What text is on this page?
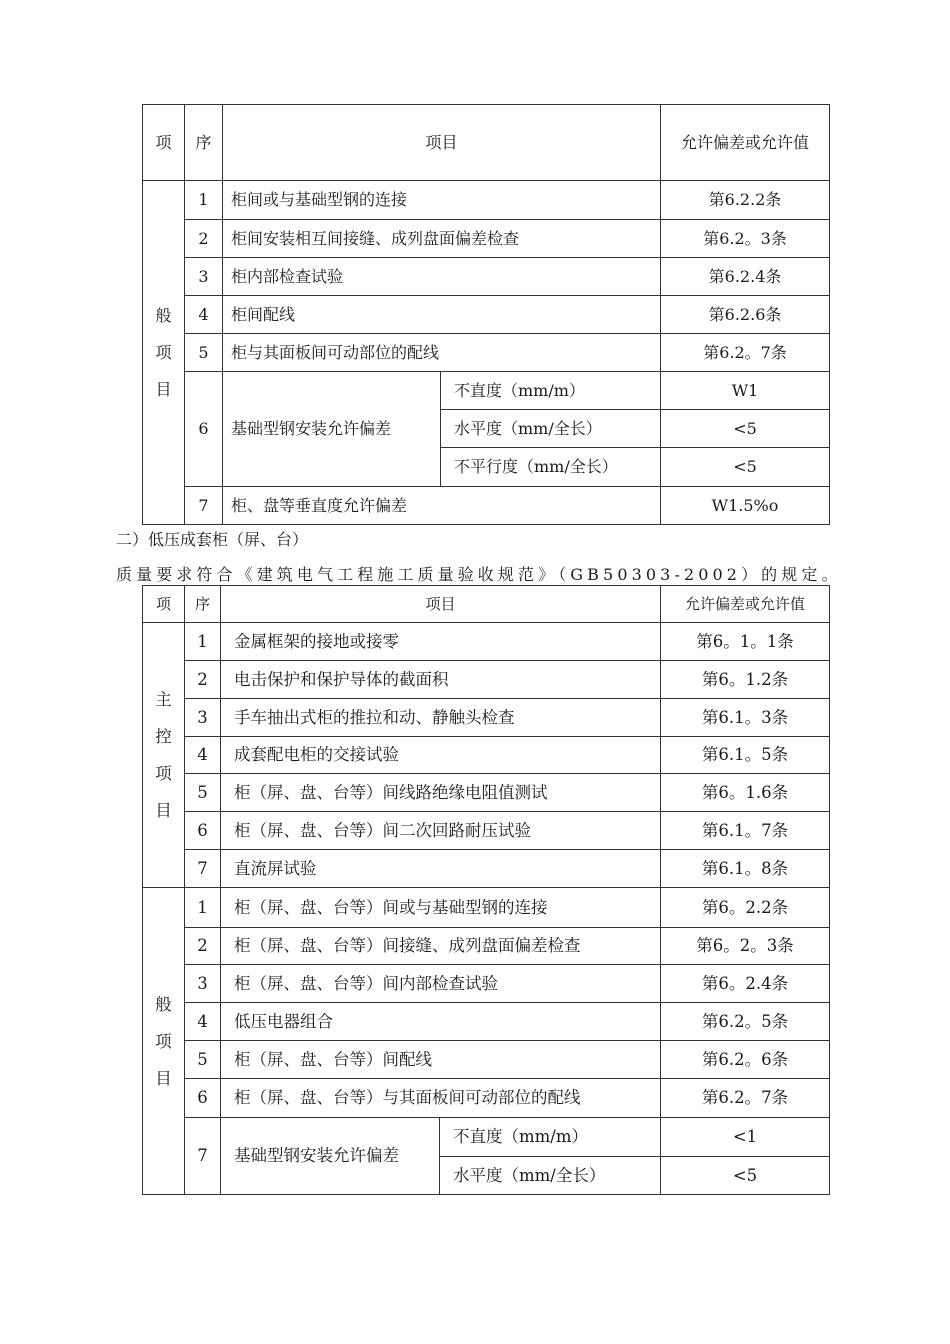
项	序	项目		允许偏差或允许值

般
项
目	1	柜间或与基础型钢的连接		第6.2.2条
	2	柜间安装相互间接缝、成列盘面偏差检查		第6.2。3条
	3	柜内部检查试验		第6.2.4条
	4	柜间配线		第6.2.6条
	5	柜与其面板间可动部位的配线		第6.2。7条
	6	基础型钢安装允许偏差	不直度（mm/m）	W1
			水平度（mm/全长）	<5
			不平行度（mm/全长）	<5
	7	柜、盘等垂直度允许偏差		W1.5%o
二）低压成套柜（屏、台）
质量要求符合《建筑电气工程施工质量验收规范》（GB50303-2002）的规定。
项	序	项目		允许偏差或允许值

主
控
项
目	1	金属框架的接地或接零		第6。1。1条
	2	电击保护和保护导体的截面积		第6。1.2条
	3	手车抽出式柜的推拉和动、静触头检查		第6.1。3条
	4	成套配电柜的交接试验		第6.1。5条
	5	柜（屏、盘、台等）间线路绝缘电阻值测试		第6。1.6条
	6	柜（屏、盘、台等）间二次回路耐压试验		第6.1。7条
	7	直流屏试验		第6.1。8条

般
项
目	1	柜（屏、盘、台等）间或与基础型钢的连接		第6。2.2条
	2	柜（屏、盘、台等）间接缝、成列盘面偏差检查		第6。2。3条
	3	柜（屏、盘、台等）间内部检查试验		第6。2.4条
	4	低压电器组合		第6.2。5条
	5	柜（屏、盘、台等）间配线		第6.2。6条
	6	柜（屏、盘、台等）与其面板间可动部位的配线		第6.2。7条
	7	基础型钢安装允许偏差	不直度（mm/m）	<1
			水平度（mm/全长）	<5
